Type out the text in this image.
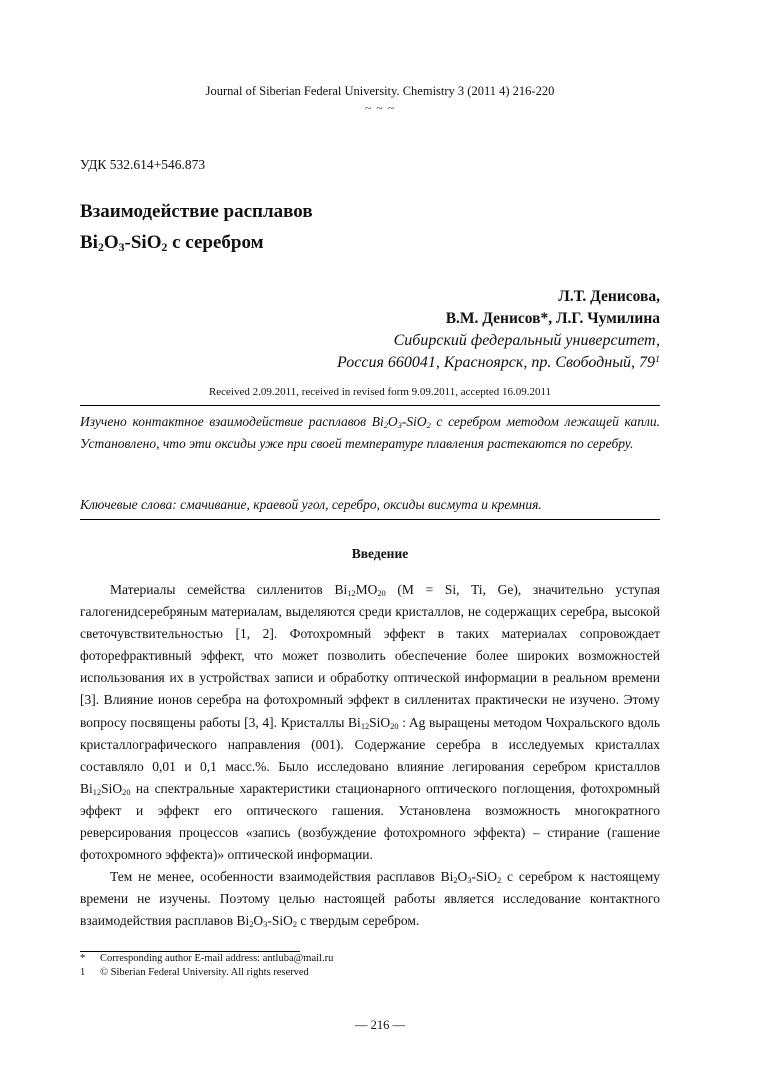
Journal of Siberian Federal University. Chemistry 3 (2011 4) 216-220
~ ~ ~
УДК 532.614+546.873
Взаимодействие расплавов
$Bi_2O_3-SiO_2$ с серебром
Л.Т. Денисова,
В.М. Денисов*, Л.Г. Чумилина
Сибирский федеральный университет,
Россия 660041, Красноярск, пр. Свободный, $79^1$
Received 2.09.2011, received in revised form 9.09.2011, accepted 16.09.2011
Изучено контактное взаимодействие расплавов $Bi_2O_3-SiO_2$ с серебром методом лежащей капли. Установлено, что эти оксиды уже при своей температуре плавления растекаются по серебру.
Ключевые слова: смачивание, краевой угол, серебро, оксиды висмута и кремния.
Введение

Материалы семейства силленитов $Bi_{12}MO_{20}$ (M = Si, Ti, Ge), значительно уступая галогенидсеребряным материалам, выделяются среди кристаллов, не содержащих серебра, высокой светочувствительностью [1, 2]. Фотохромный эффект в таких материалах сопровождает фоторефрактивный эффект, что может позволить обеспечение более широких возможностей использования их в устройствах записи и обработку оптической информации в реальном времени [3]. Влияние ионов серебра на фотохромный эффект в силленитах практически не изучено. Этому вопросу посвящены работы [3, 4]. Кристаллы $Bi_{12}SiO_{20}$ : Ag выращены методом Чохральского вдоль кристаллографического направления (001). Содержание серебра в исследуемых кристаллах составляло 0,01 и 0,1 масс.%. Было исследовано влияние легирования серебром кристаллов $Bi_{12}SiO_{20}$ на спектральные характеристики стационарного оптического поглощения, фотохромный эффект и эффект его оптического гашения. Установлена возможность многократного реверсирования процессов «запись (возбуждение фотохромного эффекта) – стирание (гашение фотохромного эффекта)» оптической информации.

Тем не менее, особенности взаимодействия расплавов $Bi_2O_3-SiO_2$ с серебром к настоящему времени не изучены. Поэтому целью настоящей работы является исследование контактного взаимодействия расплавов $Bi_2O_3-SiO_2$ с твердым серебром.

* Corresponding author E-mail address: antluba@mail.ru
1 © Siberian Federal University. All rights reserved
— 216 —
